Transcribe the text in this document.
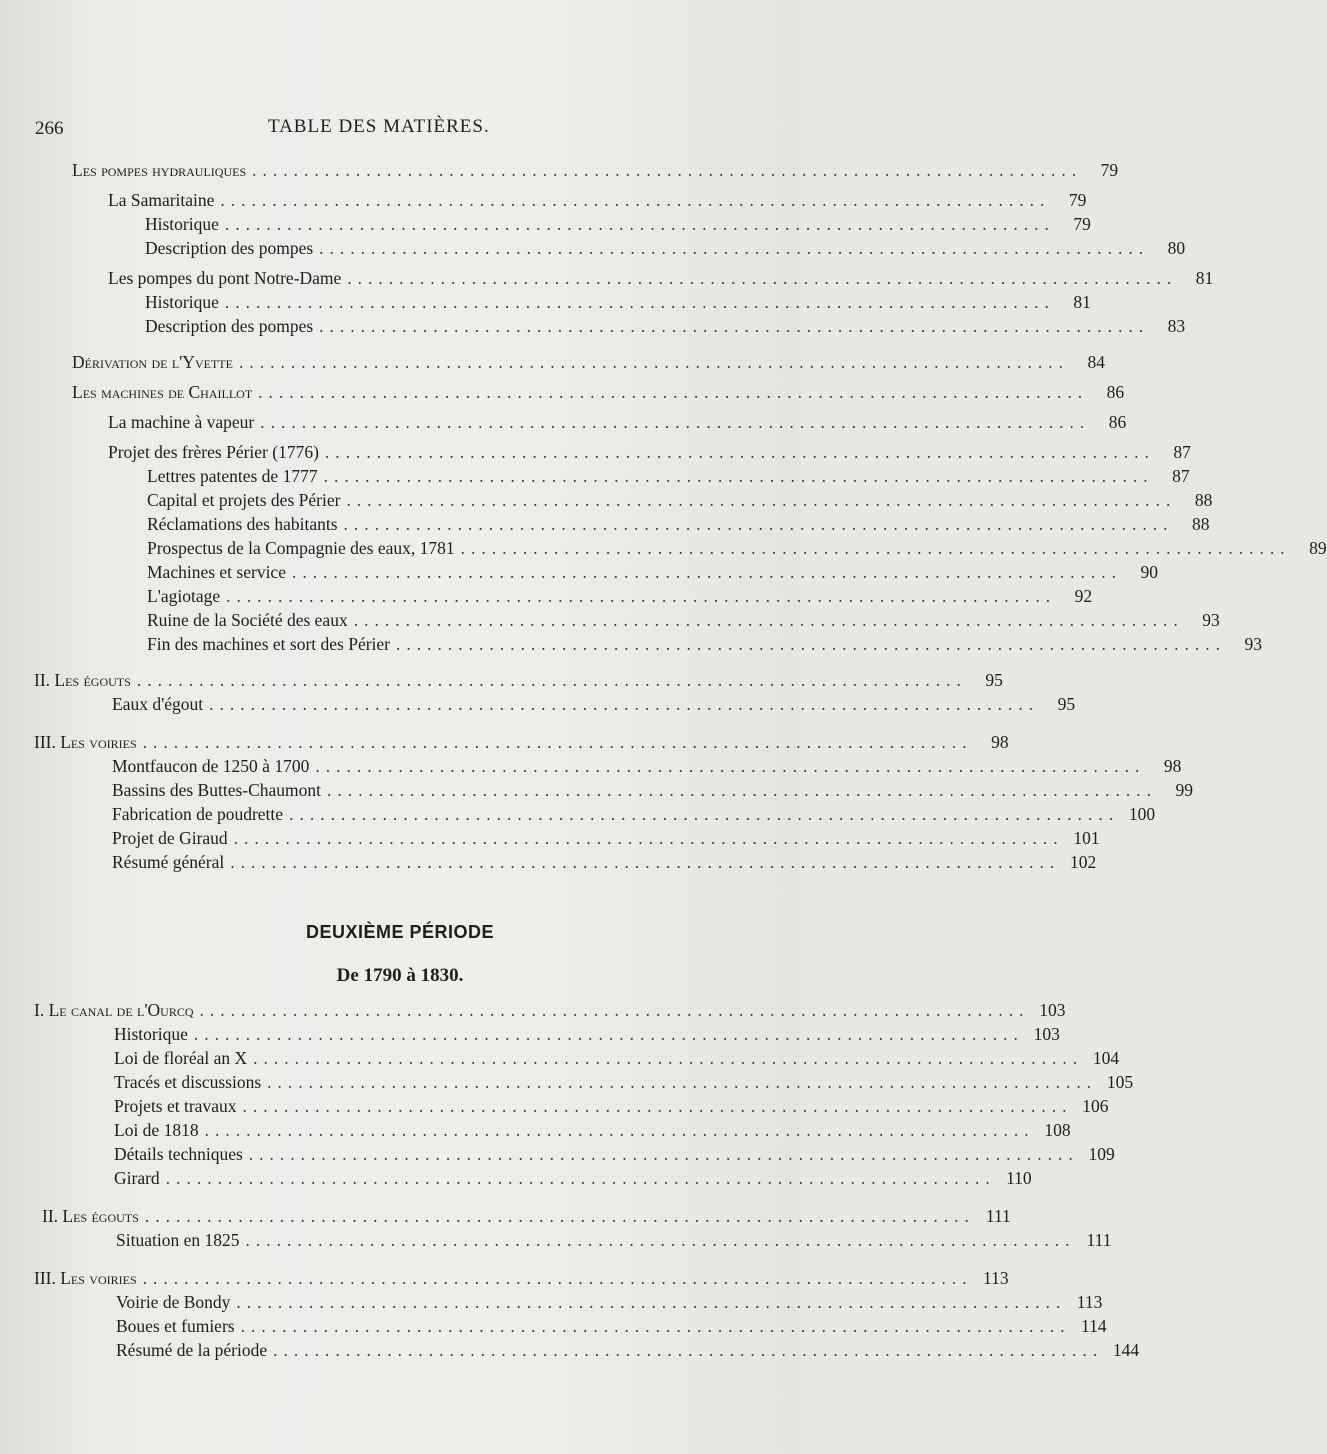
266	TABLE DES MATIÈRES.
Les pompes hydrauliques ................................................................................	79
La Samaritaine ................................................................................	79
Historique ................................................................................	79
Description des pompes ................................................................................	80
Les pompes du pont Notre-Dame ................................................................................	81
Historique ................................................................................	81
Description des pompes ................................................................................	83
Dérivation de l'Yvette ................................................................................	84
Les machines de Chaillot ................................................................................	86
La machine à vapeur ................................................................................	86
Projet des frères Périer (1776) ................................................................................	87
Lettres patentes de 1777 ................................................................................	87
Capital et projets des Périer ................................................................................	88
Réclamations des habitants ................................................................................	88
Prospectus de la Compagnie des eaux, 1781 ................................................................................	89
Machines et service ................................................................................	90
L'agiotage ................................................................................	92
Ruine de la Société des eaux ................................................................................	93
Fin des machines et sort des Périer ................................................................................	93
II. Les égouts ................................................................................	95
Eaux d'égout ................................................................................	95
III. Les voiries ................................................................................	98
Montfaucon de 1250 à 1700 ................................................................................	98
Bassins des Buttes-Chaumont ................................................................................	99
Fabrication de poudrette ................................................................................ 100
Projet de Giraud ................................................................................ 101
Résumé général ................................................................................ 102
I. Le canal de l'Ourcq ................................................................................ 103
Historique ................................................................................ 103
Loi de floréal an X ................................................................................ 104
Tracés et discussions ................................................................................ 105
Projets et travaux ................................................................................ 106
Loi de 1818 ................................................................................ 108
Détails techniques ................................................................................ 109
Girard ................................................................................ 110
II. Les égouts ................................................................................ 111
Situation en 1825 ................................................................................ 111
III. Les voiries ................................................................................ 113
Voirie de Bondy ................................................................................ 113
Boues et fumiers ................................................................................ 114
Résumé de la période ................................................................................ 144
DEUXIÈME PÉRIODE
De 1790 à 1830.
